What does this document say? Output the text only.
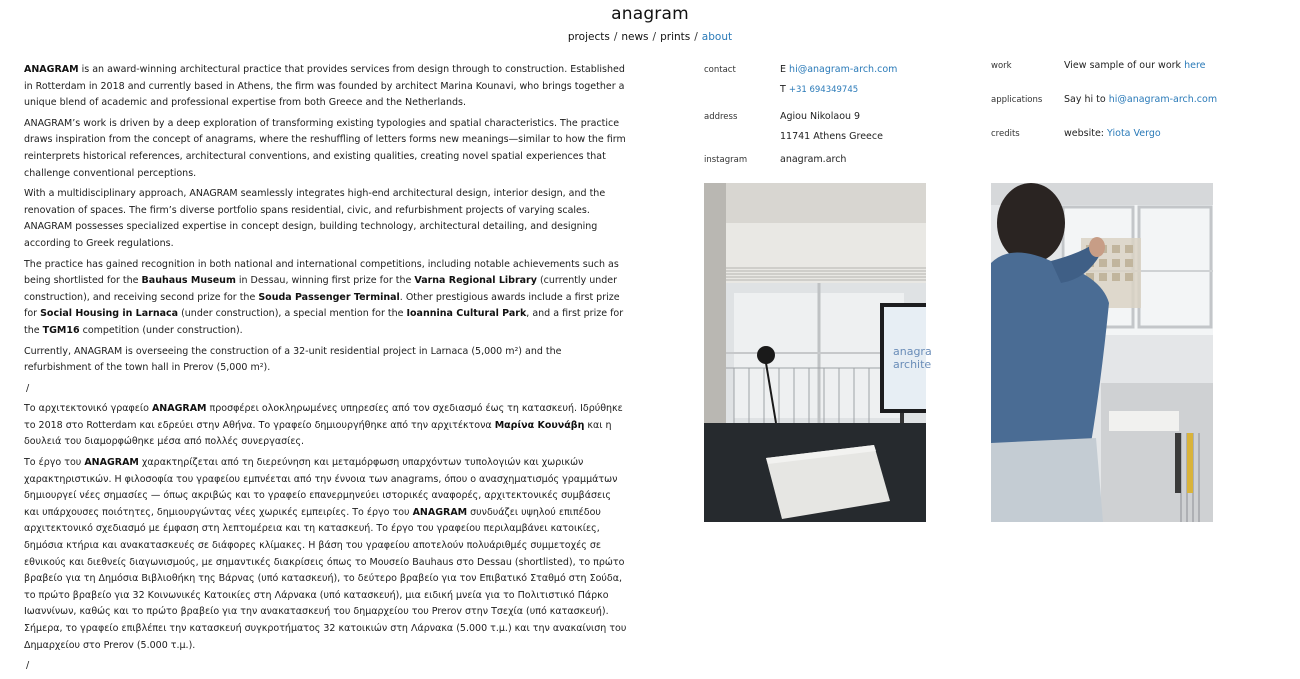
anagram
projects / news / prints / about

ANAGRAM is an award-winning architectural practice that provides services from design through to construction. Established in Rotterdam in 2018 and currently based in Athens, the firm was founded by architect Marina Kounavi, who brings together a unique blend of academic and professional expertise from both Greece and the Netherlands.

ANAGRAM’s work is driven by a deep exploration of transforming existing typologies and spatial characteristics. The practice draws inspiration from the concept of anagrams, where the reshuffling of letters forms new meanings—similar to how the firm reinterprets historical references, architectural conventions, and existing qualities, creating novel spatial experiences that challenge conventional perceptions.

With a multidisciplinary approach, ANAGRAM seamlessly integrates high-end architectural design, interior design, and the renovation of spaces. The firm’s diverse portfolio spans residential, civic, and refurbishment projects of varying scales. ANAGRAM possesses specialized expertise in concept design, building technology, architectural detailing, and designing according to Greek regulations.

The practice has gained recognition in both national and international competitions, including notable achievements such as being shortlisted for the Bauhaus Museum in Dessau, winning first prize for the Varna Regional Library (currently under construction), and receiving second prize for the Souda Passenger Terminal. Other prestigious awards include a first prize for Social Housing in Larnaca (under construction), a special mention for the Ioannina Cultural Park, and a first prize for the TGM16 competition (under construction).

Currently, ANAGRAM is overseeing the construction of a 32-unit residential project in Larnaca (5,000 m²) and the refurbishment of the town hall in Prerov (5,000 m²).

/

Το αρχιτεκτονικό γραφείο ANAGRAM προσφέρει ολοκληρωμένες υπηρεσίες από τον σχεδιασμό έως τη κατασκευή. Ιδρύθηκε το 2018 στο Rotterdam και εδρεύει στην Αθήνα. Το γραφείο δημιουργήθηκε από την αρχιτέκτονα Μαρίνα Κουνάβη και η δουλειά του διαμορφώθηκε μέσα από πολλές συνεργασίες.

Το έργο του ANAGRAM χαρακτηρίζεται από τη διερεύνηση και μεταμόρφωση υπαρχόντων τυπολογιών και χωρικών χαρακτηριστικών. Η φιλοσοφία του γραφείου εμπνέεται από την έννοια των anagrams, όπου ο ανασχηματισμός γραμμάτων δημιουργεί νέες σημασίες — όπως ακριβώς και το γραφείο επανερμηνεύει ιστορικές αναφορές, αρχιτεκτονικές συμβάσεις και υπάρχουσες ποιότητες, δημιουργώντας νέες χωρικές εμπειρίες. Το έργο του ANAGRAM συνδυάζει υψηλού επιπέδου αρχιτεκτονικό σχεδιασμό με έμφαση στη λεπτομέρεια και τη κατασκευή. Το έργο του γραφείου περιλαμβάνει κατοικίες, δημόσια κτήρια και ανακατασκευές σε διάφορες κλίμακες. Η βάση του γραφείου αποτελούν πολυάριθμές συμμετοχές σε εθνικούς και διεθνείς διαγωνισμούς, με σημαντικές διακρίσεις όπως το Μουσείο Bauhaus στο Dessau (shortlisted), το πρώτο βραβείο για τη Δημόσια Βιβλιοθήκη της Βάρνας (υπό κατασκευή), το δεύτερο βραβείο για τον Επιβατικό Σταθμό στη Σούδα, το πρώτο βραβείο για 32 Κοινωνικές Κατοικίες στη Λάρνακα (υπό κατασκευή), μια ειδική μνεία για το Πολιτιστικό Πάρκο Ιωαννίνων, καθώς και το πρώτο βραβείο για την ανακατασκευή του δημαρχείου του Prerov στην Τσεχία (υπό κατασκευή). Σήμερα, το γραφείο επιβλέπει την κατασκευή συγκροτήματος 32 κατοικιών στη Λάρνακα (5.000 τ.μ.) και την ανακαίνιση του Δημαρχείου στο Prerov (5.000 τ.μ.).

/

contact	E hi@anagram-arch.com
T +31 694349745
address	Agiou Nikolaou 9
11741 Athens Greece
instagram	anagram.arch
work	View sample of our work here
applications Say hi to hi@anagram-arch.com
credits	website: Yiota Vergo
anagra
archite
